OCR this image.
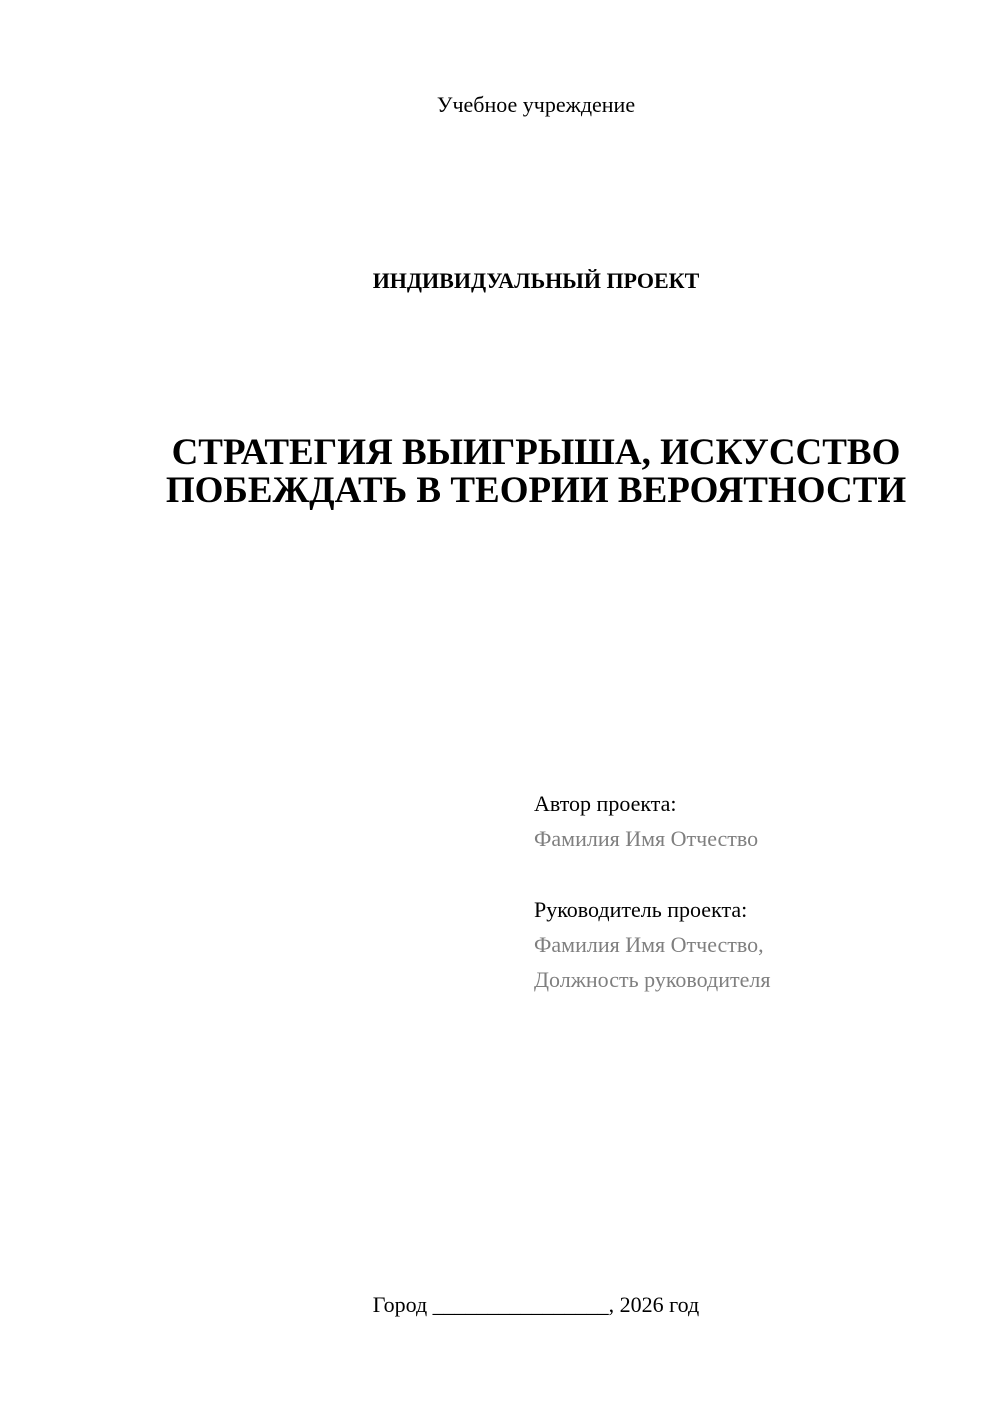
Учебное учреждение
ИНДИВИДУАЛЬНЫЙ ПРОЕКТ
СТРАТЕГИЯ ВЫИГРЫША, ИСКУССТВО
ПОБЕЖДАТЬ В ТЕОРИИ ВЕРОЯТНОСТИ
Автор проекта:
Фамилия Имя Отчество
Руководитель проекта:
Фамилия Имя Отчество,
Должность руководителя
Город ________________, 2026 год
